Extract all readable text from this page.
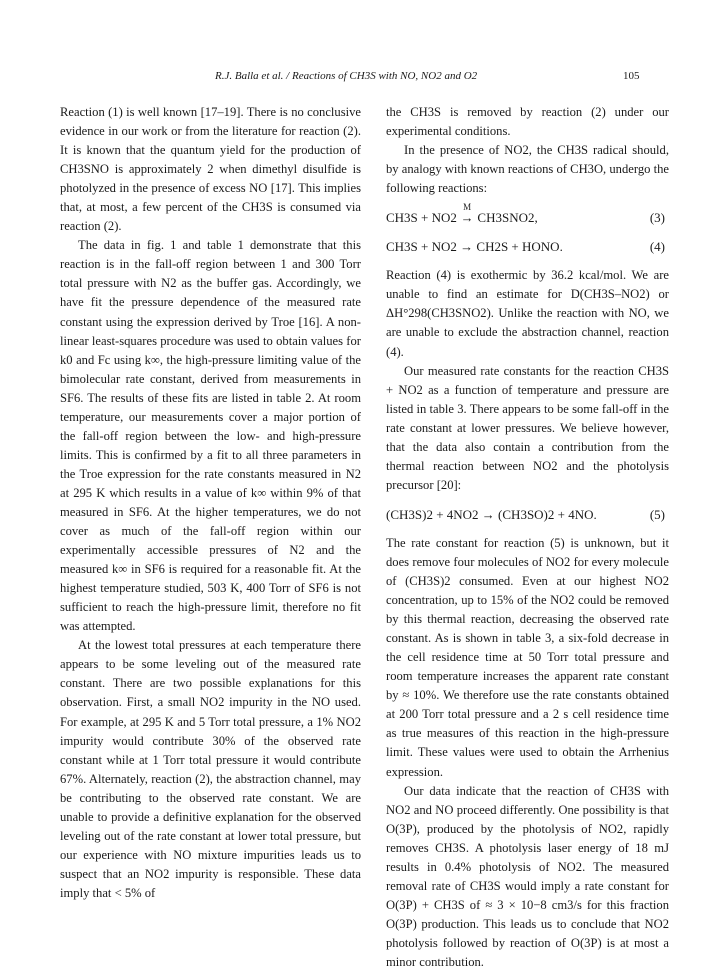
R.J. Balla et al. / Reactions of CH3S with NO, NO2 and O2	105

Reaction (1) is well known [17–19]. There is no conclusive evidence in our work or from the literature for reaction (2). It is known that the quantum yield for the production of CH3SNO is approximately 2 when dimethyl disulfide is photolyzed in the presence of excess NO [17]. This implies that, at most, a few percent of the CH3S is consumed via reaction (2).

The data in fig. 1 and table 1 demonstrate that this reaction is in the fall-off region between 1 and 300 Torr total pressure with N2 as the buffer gas. Accordingly, we have fit the pressure dependence of the measured rate constant using the expression derived by Troe [16]. A non-linear least-squares procedure was used to obtain values for k0 and Fc using k∞, the high-pressure limiting value of the bimolecular rate constant, derived from measurements in SF6. The results of these fits are listed in table 2. At room temperature, our measurements cover a major portion of the fall-off region between the low- and high-pressure limits. This is confirmed by a fit to all three parameters in the Troe expression for the rate constants measured in N2 at 295 K which results in a value of k∞ within 9% of that measured in SF6. At the higher temperatures, we do not cover as much of the fall-off region within our experimentally accessible pressures of N2 and the measured k∞ in SF6 is required for a reasonable fit. At the highest temperature studied, 503 K, 400 Torr of SF6 is not sufficient to reach the high-pressure limit, therefore no fit was attempted.

At the lowest total pressures at each temperature there appears to be some leveling out of the measured rate constant. There are two possible explanations for this observation. First, a small NO2 impurity in the NO used. For example, at 295 K and 5 Torr total pressure, a 1% NO2 impurity would contribute 30% of the observed rate constant while at 1 Torr total pressure it would contribute 67%. Alternately, reaction (2), the abstraction channel, may be contributing to the observed rate constant. We are unable to provide a definitive explanation for the observed leveling out of the rate constant at lower total pressure, but our experience with NO mixture impurities leads us to suspect that an NO2 impurity is responsible. These data imply that < 5% of

the CH3S is removed by reaction (2) under our experimental conditions.

In the presence of NO2, the CH3S radical should, by analogy with known reactions of CH3O, undergo the following reactions:

CH3S + NO2
M
→ CH3SNO2,	(3)
CH3S + NO2 → CH2S + HONO.	(4)

Reaction (4) is exothermic by 36.2 kcal/mol. We are unable to find an estimate for D(CH3S–NO2) or ΔH°298(CH3SNO2). Unlike the reaction with NO, we are unable to exclude the abstraction channel, reaction (4).

Our measured rate constants for the reaction CH3S + NO2 as a function of temperature and pressure are listed in table 3. There appears to be some fall-off in the rate constant at lower pressures. We believe however, that the data also contain a contribution from the thermal reaction between NO2 and the photolysis precursor [20]:

(CH3S)2 + 4NO2 → (CH3SO)2 + 4NO.	(5)

The rate constant for reaction (5) is unknown, but it does remove four molecules of NO2 for every molecule of (CH3S)2 consumed. Even at our highest NO2 concentration, up to 15% of the NO2 could be removed by this thermal reaction, decreasing the observed rate constant. As is shown in table 3, a six-fold decrease in the cell residence time at 50 Torr total pressure and room temperature increases the apparent rate constant by ≈ 10%. We therefore use the rate constants obtained at 200 Torr total pressure and a 2 s cell residence time as true measures of this reaction in the high-pressure limit. These values were used to obtain the Arrhenius expression.

Our data indicate that the reaction of CH3S with NO2 and NO proceed differently. One possibility is that O(3P), produced by the photolysis of NO2, rapidly removes CH3S. A photolysis laser energy of 18 mJ results in 0.4% photolysis of NO2. The measured removal rate of CH3S would imply a rate constant for O(3P) + CH3S of ≈ 3 × 10−8 cm3/s for this fraction O(3P) production. This leads us to conclude that NO2 photolysis followed by reaction of O(3P) is at most a minor contribution.
